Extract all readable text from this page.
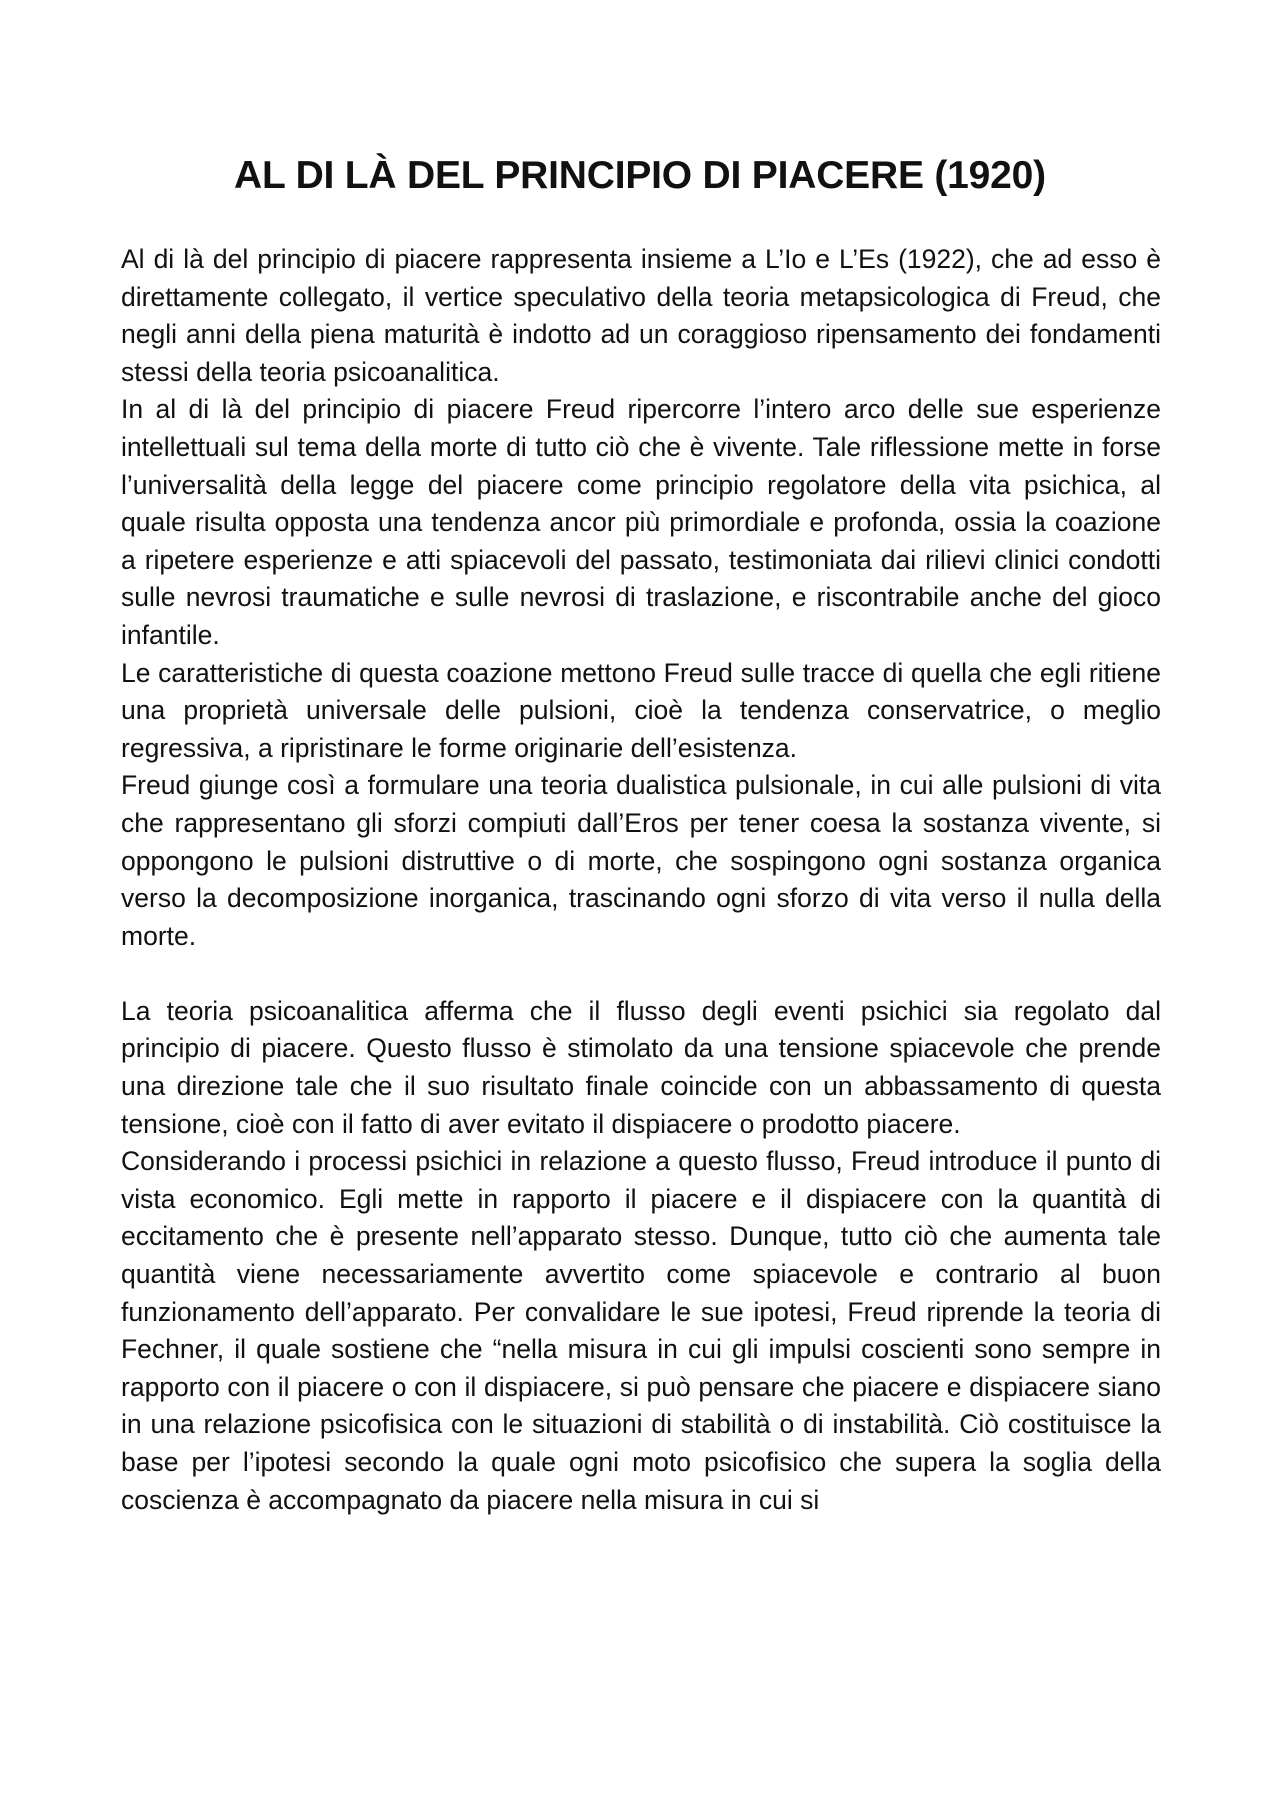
AL DI LÀ DEL PRINCIPIO DI PIACERE (1920)

Al di là del principio di piacere rappresenta insieme a L’Io e L’Es (1922), che ad esso è direttamente collegato, il vertice speculativo della teoria metapsicologica di Freud, che negli anni della piena maturità è indotto ad un coraggioso ripensamento dei fondamenti stessi della teoria psicoanalitica.

In al di là del principio di piacere Freud ripercorre l’intero arco delle sue esperienze intellettuali sul tema della morte di tutto ciò che è vivente. Tale riflessione mette in forse l’universalità della legge del piacere come principio regolatore della vita psichica, al quale risulta opposta una tendenza ancor più primordiale e profonda, ossia la coazione a ripetere esperienze e atti spiacevoli del passato, testimoniata dai rilievi clinici condotti sulle nevrosi traumatiche e sulle nevrosi di traslazione, e riscontrabile anche del gioco infantile.

Le caratteristiche di questa coazione mettono Freud sulle tracce di quella che egli ritiene una proprietà universale delle pulsioni, cioè la tendenza conservatrice, o meglio regressiva, a ripristinare le forme originarie dell’esistenza.

Freud giunge così a formulare una teoria dualistica pulsionale, in cui alle pulsioni di vita che rappresentano gli sforzi compiuti dall’Eros per tener coesa la sostanza vivente, si oppongono le pulsioni distruttive o di morte, che sospingono ogni sostanza organica verso la decomposizione inorganica, trascinando ogni sforzo di vita verso il nulla della morte.

La teoria psicoanalitica afferma che il flusso degli eventi psichici sia regolato dal principio di piacere. Questo flusso è stimolato da una tensione spiacevole che prende una direzione tale che il suo risultato finale coincide con un abbassamento di questa tensione, cioè con il fatto di aver evitato il dispiacere o prodotto piacere.

Considerando i processi psichici in relazione a questo flusso, Freud introduce il punto di vista economico. Egli mette in rapporto il piacere e il dispiacere con la quantità di eccitamento che è presente nell’apparato stesso. Dunque, tutto ciò che aumenta tale quantità viene necessariamente avvertito come spiacevole e contrario al buon funzionamento dell’apparato. Per convalidare le sue ipotesi, Freud riprende la teoria di Fechner, il quale sostiene che “nella misura in cui gli impulsi coscienti sono sempre in rapporto con il piacere o con il dispiacere, si può pensare che piacere e dispiacere siano in una relazione psicofisica con le situazioni di stabilità o di instabilità. Ciò costituisce la base per l’ipotesi secondo la quale ogni moto psicofisico che supera la soglia della coscienza è accompagnato da piacere nella misura in cui si
